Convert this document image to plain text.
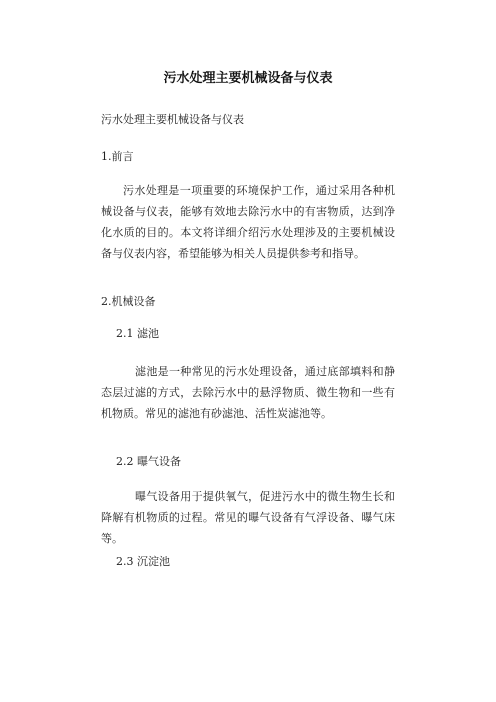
污水处理主要机械设备与仪表
污水处理主要机械设备与仪表
1.前言
污水处理是一项重要的环境保护工作，通过采用各种机械设备与仪表，能够有效地去除污水中的有害物质，达到净化水质的目的。本文将详细介绍污水处理涉及的主要机械设备与仪表内容，希望能够为相关人员提供参考和指导。
2.机械设备
2.1 滤池
滤池是一种常见的污水处理设备，通过底部填料和静态层过滤的方式，去除污水中的悬浮物质、微生物和一些有机物质。常见的滤池有砂滤池、活性炭滤池等。
2.2 曝气设备
曝气设备用于提供氧气，促进污水中的微生物生长和降解有机物质的过程。常见的曝气设备有气浮设备、曝气床等。
2.3 沉淀池
